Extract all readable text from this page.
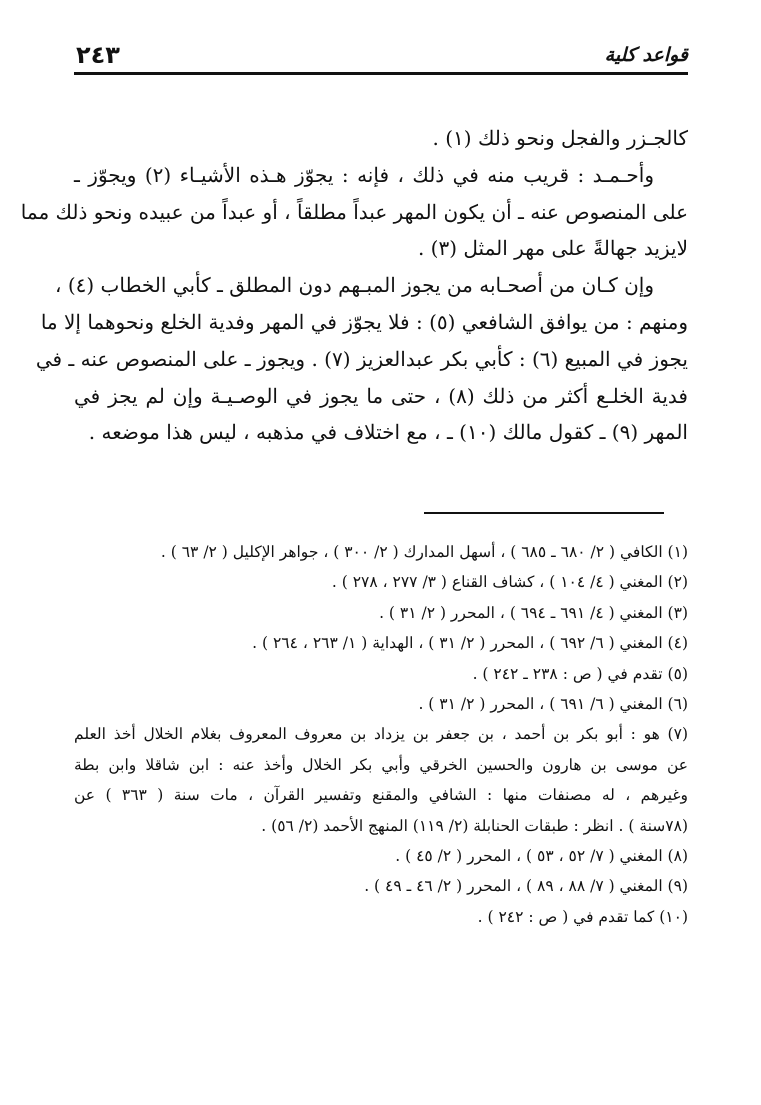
٢٤٣	قواعد كلية
كالجـزر والفجل ونحو ذلك (١) .
وأحـمـد : قريب منه في ذلك ، فإنه : يجوّز هـذه الأشيـاء (٢) ويجوّز ـ
على المنصوص عنه ـ أن يكون المهر عبداً مطلقاً ، أو عبداً من عبيده ونحو ذلك مما
لايزيد جهالةً على مهر المثل (٣) .
وإن كـان من أصحـابه من يجوز المبـهم دون المطلق ـ كأبي الخطاب (٤) ،
ومنهم : من يوافق الشافعي (٥) : فلا يجوّز في المهر وفدية الخلع ونحوهما إلا ما
يجوز في المبيع (٦) : كأبي بكر عبدالعزيز (٧) . ويجوز ـ على المنصوص عنه ـ في
فدية الخلـع أكثر من ذلك (٨) ، حتى ما يجوز في الوصـيـة وإن لم يجز في
المهر (٩) ـ كقول مالك (١٠) ـ ، مع اختلاف في مذهبه ، ليس هذا موضعه .
(١) الكافي ( ٢/ ٦٨٠ ـ ٦٨٥ ) ، أسهل المدارك ( ٢/ ٣٠٠ ) ، جواهر الإكليل ( ٢/ ٦٣ ) .
(٢) المغني ( ٤/ ١٠٤ ) ، كشاف القناع ( ٣/ ٢٧٧ ، ٢٧٨ ) .
(٣) المغني ( ٤/ ٦٩١ ـ ٦٩٤ ) ، المحرر ( ٢/ ٣١ ) .
(٤) المغني ( ٦/ ٦٩٢ ) ، المحرر ( ٢/ ٣١ ) ، الهداية ( ١/ ٢٦٣ ، ٢٦٤ ) .
(٥) تقدم في ( ص : ٢٣٨ ـ ٢٤٢ ) .
(٦) المغني ( ٦/ ٦٩١ ) ، المحرر ( ٢/ ٣١ ) .
(٧) هو : أبو بكر بن أحمد ، بن جعفر بن يزداد بن معروف المعروف بغلام الخلال أخذ العلم
عن موسى بن هارون والحسين الخرقي وأبي بكر الخلال وأخذ عنه : ابن شاقلا وابن بطة
وغيرهم ، له مصنفات منها : الشافي والمقنع وتفسير القرآن ، مات سنة ( ٣٦٣ ) عن
(٧٨سنة ) . انظر : طبقات الحنابلة (٢/ ١١٩) المنهج الأحمد (٢/ ٥٦) .
(٨) المغني ( ٧/ ٥٢ ، ٥٣ ) ، المحرر ( ٢/ ٤٥ ) .
(٩) المغني ( ٧/ ٨٨ ، ٨٩ ) ، المحرر ( ٢/ ٤٦ ـ ٤٩ ) .
(١٠) كما تقدم في ( ص : ٢٤٢ ) .
